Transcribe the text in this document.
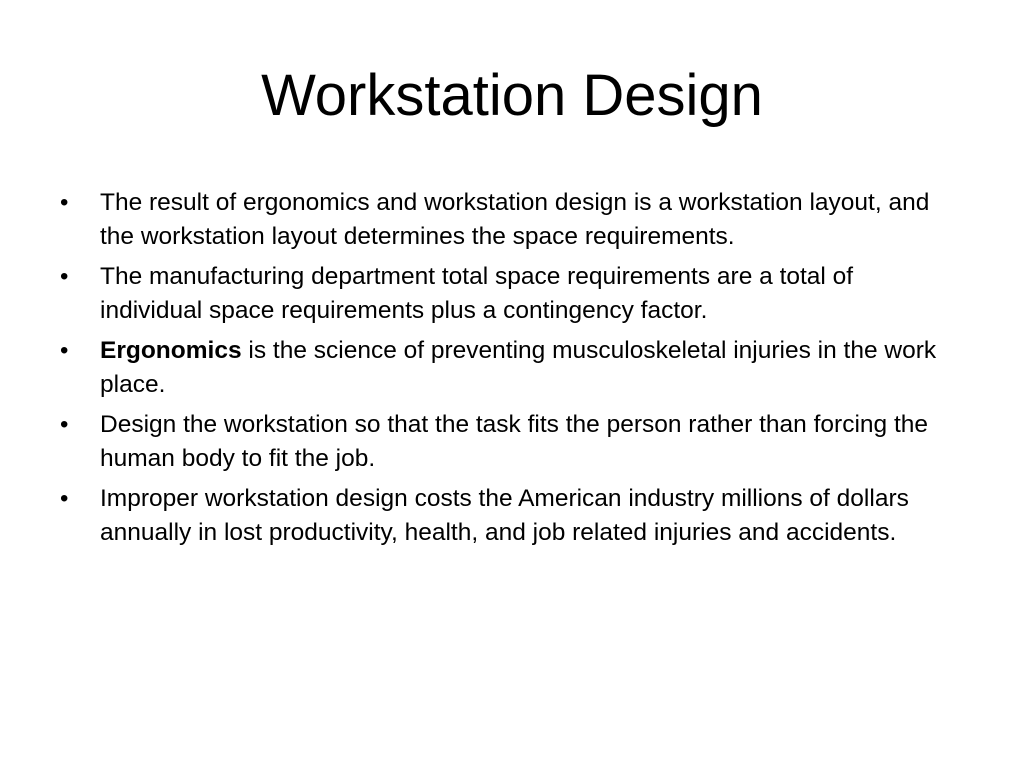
Workstation Design
•	The result of ergonomics and workstation design is a workstation layout, and the workstation layout determines the space requirements.
•	The manufacturing department total space requirements are a total of individual space requirements plus a contingency factor.
•	Ergonomics is the science of preventing musculoskeletal injuries in the work place.
•	Design the workstation so that the task fits the person rather than forcing the human body to fit the job.
•	Improper workstation design costs the American industry millions of dollars annually in lost productivity, health, and job related injuries and accidents.
